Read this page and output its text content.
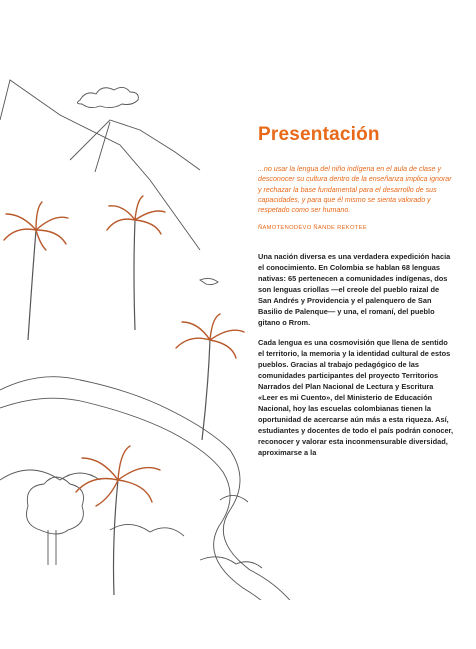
Presentación

...no usar la lengua del niño indígena en el aula de clase y desconocer su cultura dentro de la enseñanza implica ignorar y rechazar la base fundamental para el desarrollo de sus capacidades, y para que él mismo se sienta valorado y respetado como ser humano.

ÑAMOTENODÉVO ÑANDE REKOTEE

Una nación diversa es una verdadera expedición hacia el conocimiento. En Colombia se hablan 68 lenguas nativas: 65 pertenecen a comunidades indígenas, dos son lenguas criollas —el creole del pueblo raizal de San Andrés y Providencia y el palenquero de San Basilio de Palenque— y una, el romaní, del pueblo gitano o Rrom.

Cada lengua es una cosmovisión que llena de sentido el territorio, la memoria y la identidad cultural de estos pueblos. Gracias al trabajo pedagógico de las comunidades participantes del proyecto Territorios Narrados del Plan Nacional de Lectura y Escritura «Leer es mi Cuento», del Ministerio de Educación Nacional, hoy las escuelas colombianas tienen la oportunidad de acercarse aún más a esta riqueza. Así, estudiantes y docentes de todo el país podrán conocer, reconocer y valorar esta inconmensurable diversidad, aproximarse a la
